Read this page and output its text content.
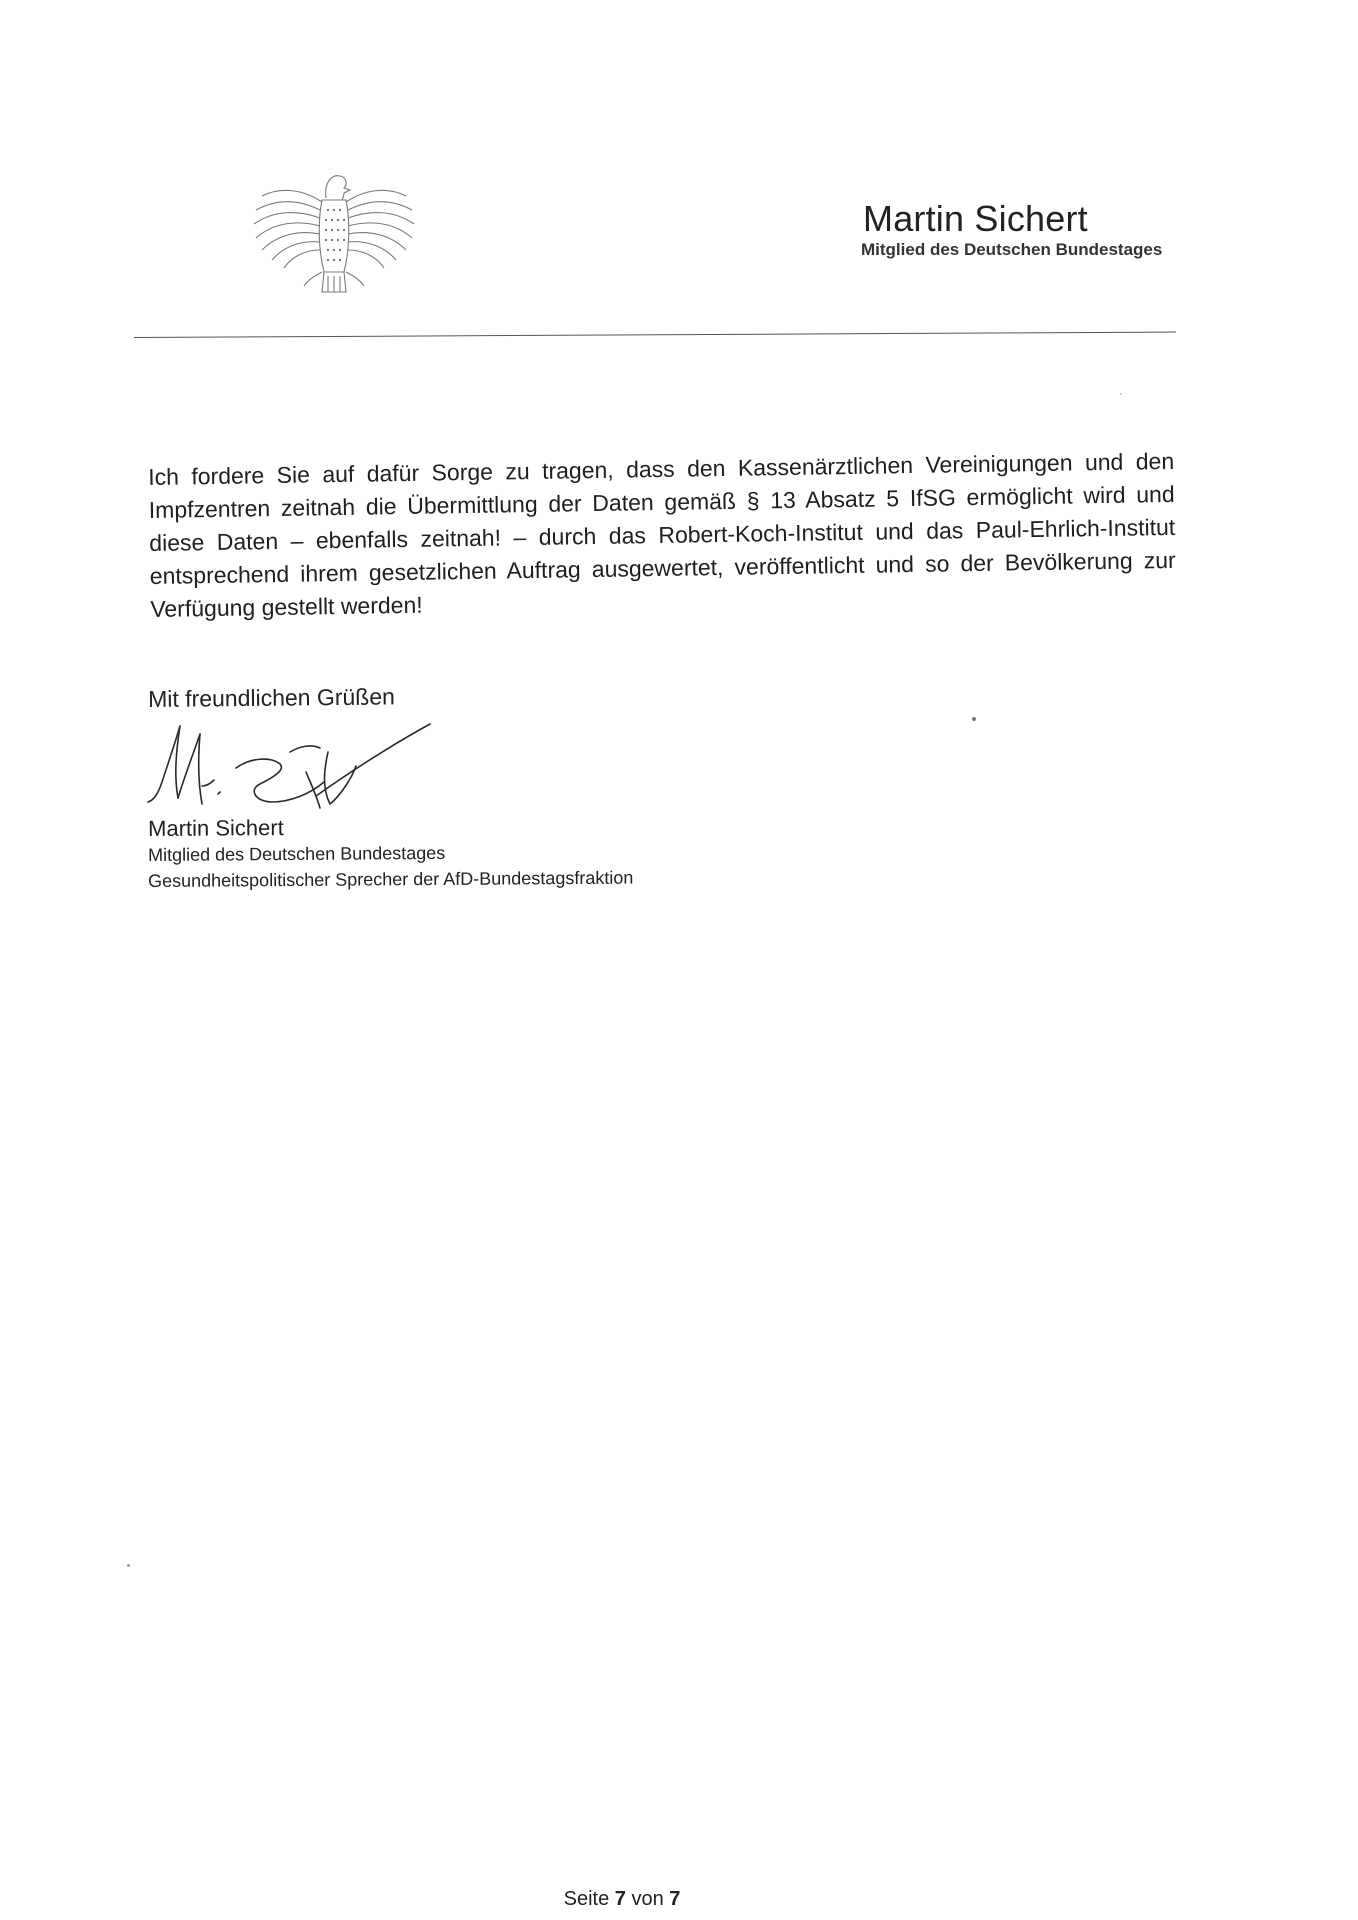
Martin Sichert
Mitglied des Deutschen Bundestages

Ich fordere Sie auf dafür Sorge zu tragen, dass den Kassenärztlichen Vereinigungen und den Impfzentren zeitnah die Übermittlung der Daten gemäß § 13 Absatz 5 IfSG ermöglicht wird und diese Daten – ebenfalls zeitnah! – durch das Robert-Koch-Institut und das Paul-Ehrlich-Institut entsprechend ihrem gesetzlichen Auftrag ausgewertet, veröffentlicht und so der Bevölkerung zur Verfügung gestellt werden!

Mit freundlichen Grüßen
Martin Sichert
Mitglied des Deutschen Bundestages
Gesundheitspolitischer Sprecher der AfD-Bundestagsfraktion
Seite 7 von 7
